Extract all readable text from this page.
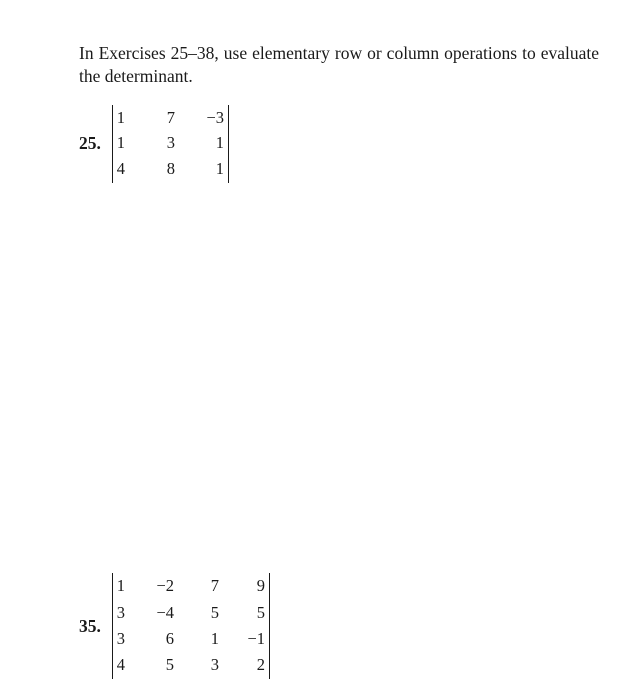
In Exercises 25–38, use elementary row or column operations to evaluate the determinant.
25.
1	7 −3
1	3 1
4	8 1
35.
1 −2 7 9
3 −4 5 5
3 6 1 −1
4 5 3 2
